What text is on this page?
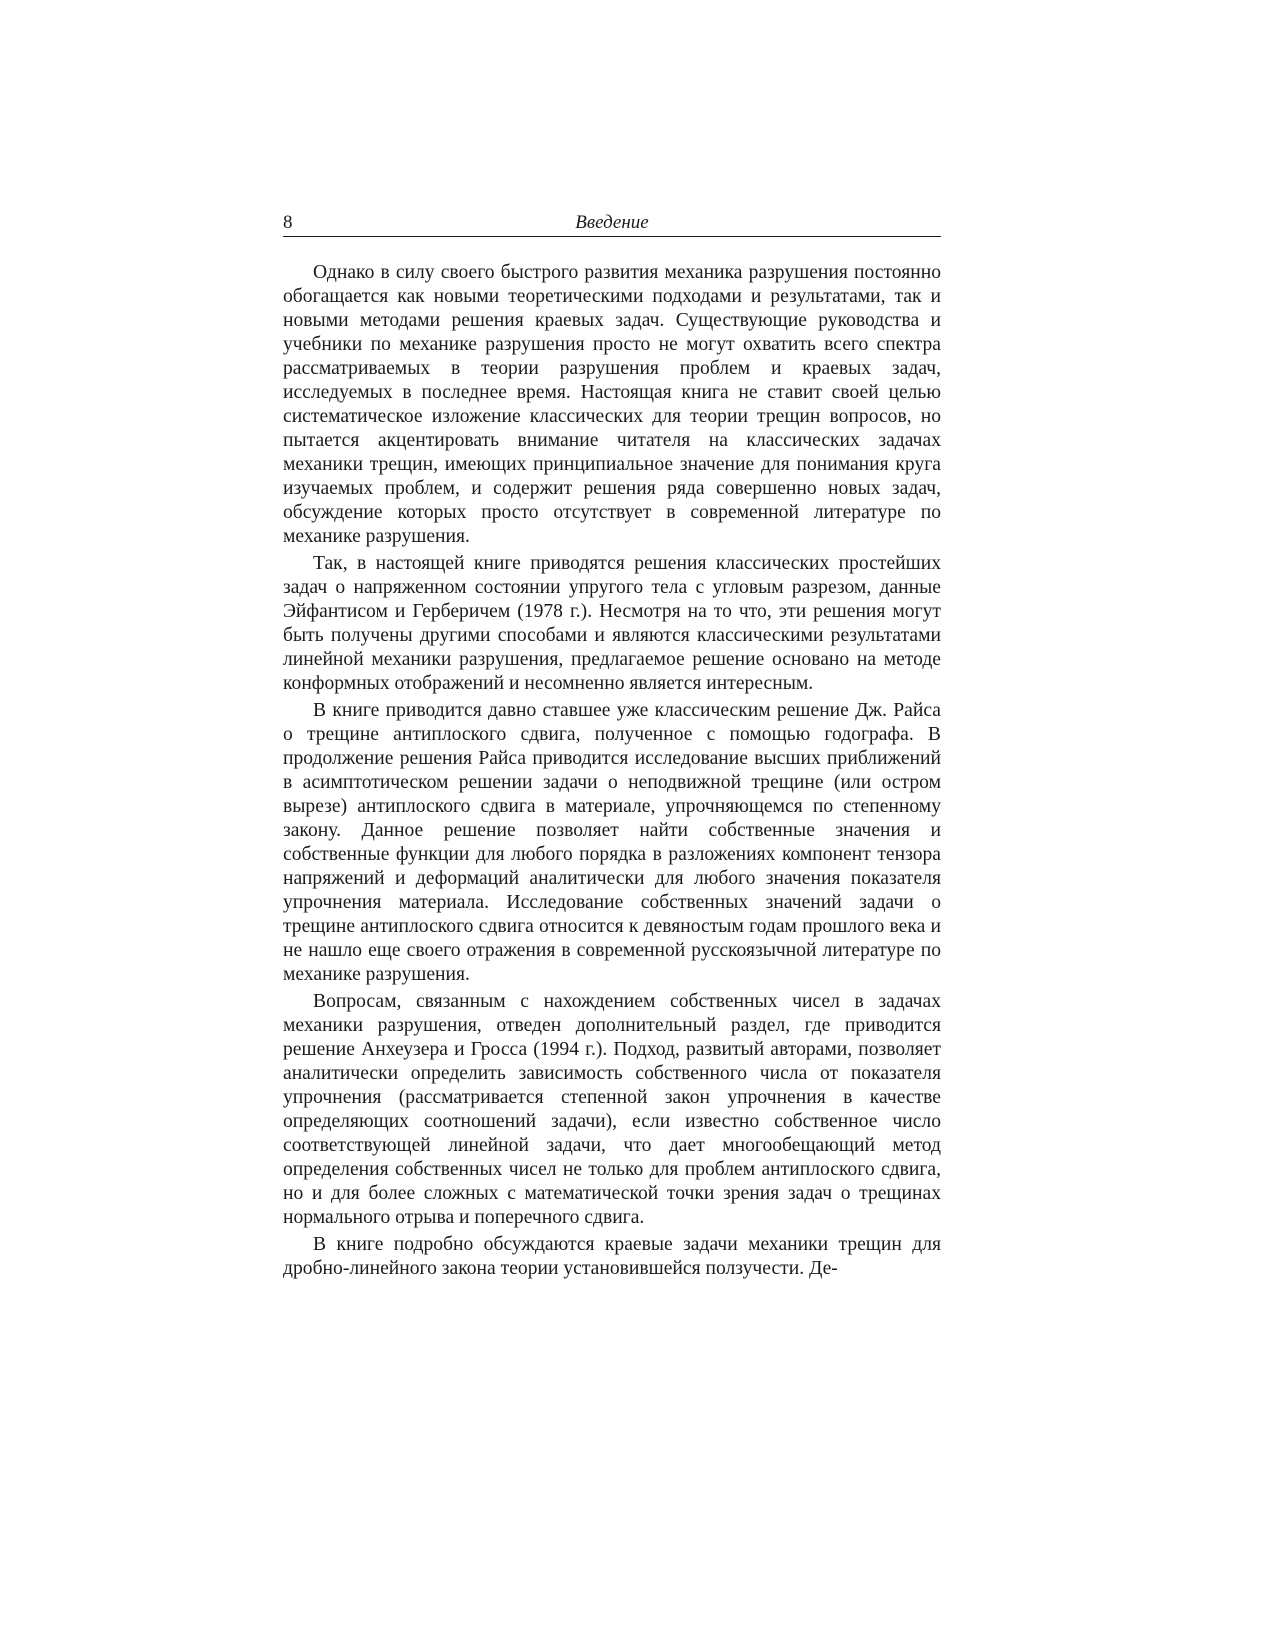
8	Введение

Однако в силу своего быстрого развития механика разрушения постоянно обогащается как новыми теоретическими подходами и результатами, так и новыми методами решения краевых задач. Существующие руководства и учебники по механике разрушения просто не могут охватить всего спектра рассматриваемых в теории разрушения проблем и краевых задач, исследуемых в последнее время. Настоящая книга не ставит своей целью систематическое изложение классических для теории трещин вопросов, но пытается акцентировать внимание читателя на классических задачах механики трещин, имеющих принципиальное значение для понимания круга изучаемых проблем, и содержит решения ряда совершенно новых задач, обсуждение которых просто отсутствует в современной литературе по механике разрушения.

Так, в настоящей книге приводятся решения классических простейших задач о напряженном состоянии упругого тела с угловым разрезом, данные Эйфантисом и Герберичем (1978 г.). Несмотря на то что, эти решения могут быть получены другими способами и являются классическими результатами линейной механики разрушения, предлагаемое решение основано на методе конформных отображений и несомненно является интересным.

В книге приводится давно ставшее уже классическим решение Дж. Райса о трещине антиплоского сдвига, полученное с помощью годографа. В продолжение решения Райса приводится исследование высших приближений в асимптотическом решении задачи о неподвижной трещине (или остром вырезе) антиплоского сдвига в материале, упрочняющемся по степенному закону. Данное решение позволяет найти собственные значения и собственные функции для любого порядка в разложениях компонент тензора напряжений и деформаций аналитически для любого значения показателя упрочнения материала. Исследование собственных значений задачи о трещине антиплоского сдвига относится к девяностым годам прошлого века и не нашло еще своего отражения в современной русскоязычной литературе по механике разрушения.

Вопросам, связанным с нахождением собственных чисел в задачах механики разрушения, отведен дополнительный раздел, где приводится решение Анхеузера и Гросса (1994 г.). Подход, развитый авторами, позволяет аналитически определить зависимость собственного числа от показателя упрочнения (рассматривается степенной закон упрочнения в качестве определяющих соотношений задачи), если известно собственное число соответствующей линейной задачи, что дает многообещающий метод определения собственных чисел не только для проблем антиплоского сдвига, но и для более сложных с математической точки зрения задач о трещинах нормального отрыва и поперечного сдвига.

В книге подробно обсуждаются краевые задачи механики трещин для дробно-линейного закона теории установившейся ползучести. Де-
